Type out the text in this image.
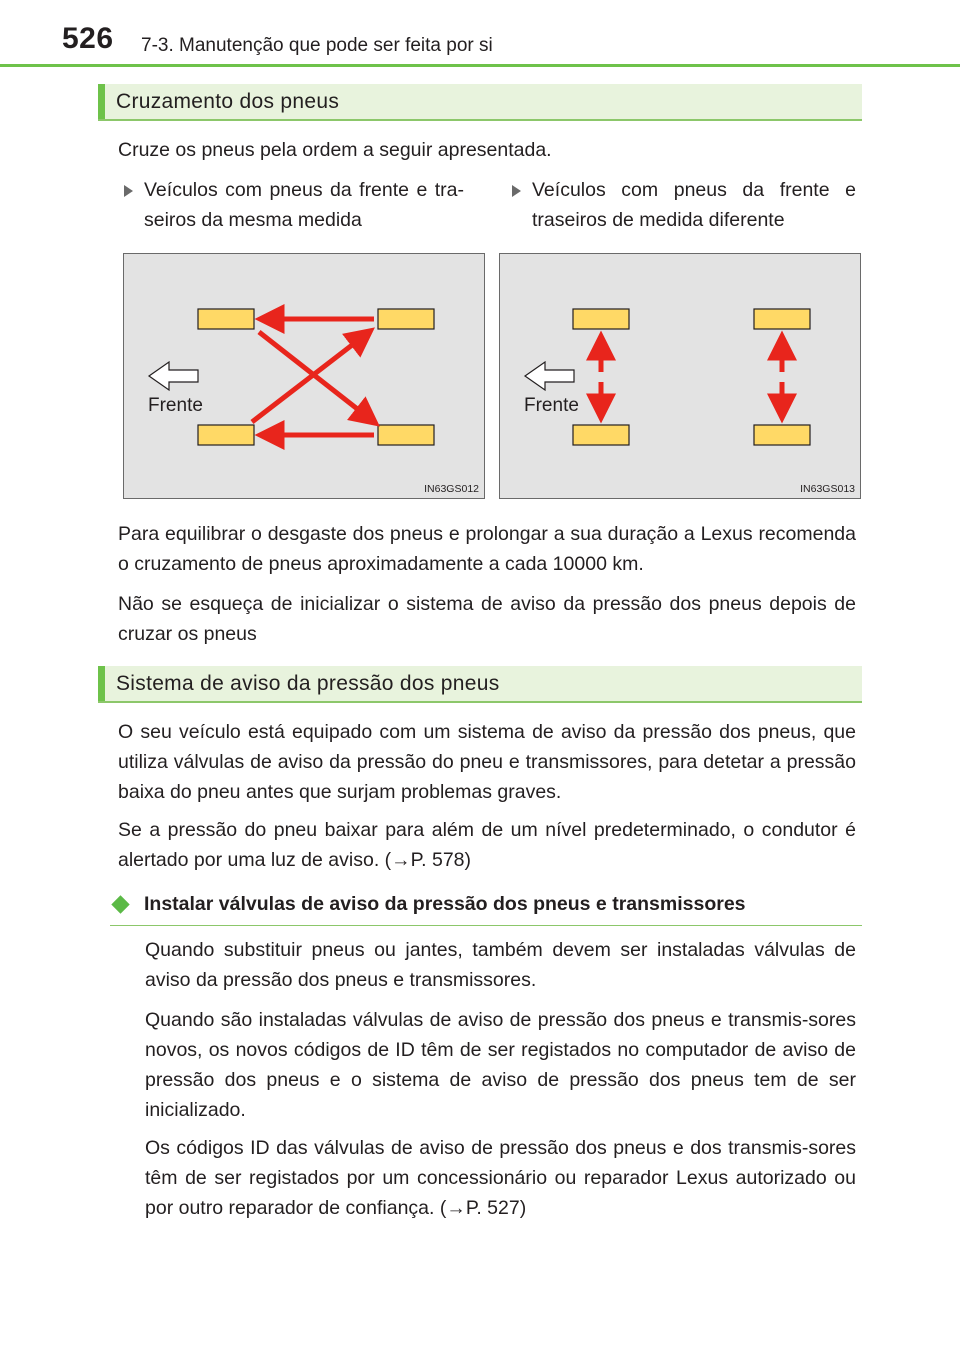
526 7-3. Manutenção que pode ser feita por si
Cruzamento dos pneus

Cruze os pneus pela ordem a seguir apresentada.

Veículos com pneus da frente e tra-seiros da mesma medida
Veículos com pneus da frente e traseiros de medida diferente
Frente
IN63GS012
Frente
IN63GS013

Para equilibrar o desgaste dos pneus e prolongar a sua duração a Lexus recomenda o cruzamento de pneus aproximadamente a cada 10000 km.

Não se esqueça de inicializar o sistema de aviso da pressão dos pneus depois de cruzar os pneus

Sistema de aviso da pressão dos pneus

O seu veículo está equipado com um sistema de aviso da pressão dos pneus, que utiliza válvulas de aviso da pressão do pneu e transmissores, para detetar a pressão baixa do pneu antes que surjam problemas graves.

Se a pressão do pneu baixar para além de um nível predeterminado, o condutor é alertado por uma luz de aviso. (→P. 578)

Instalar válvulas de aviso da pressão dos pneus e transmissores

Quando substituir pneus ou jantes, também devem ser instaladas válvulas de aviso da pressão dos pneus e transmissores.

Quando são instaladas válvulas de aviso de pressão dos pneus e transmis-sores novos, os novos códigos de ID têm de ser registados no computador de aviso de pressão dos pneus e o sistema de aviso de pressão dos pneus tem de ser inicializado.

Os códigos ID das válvulas de aviso de pressão dos pneus e dos transmis-sores têm de ser registados por um concessionário ou reparador Lexus autorizado ou por outro reparador de confiança. (→P. 527)
